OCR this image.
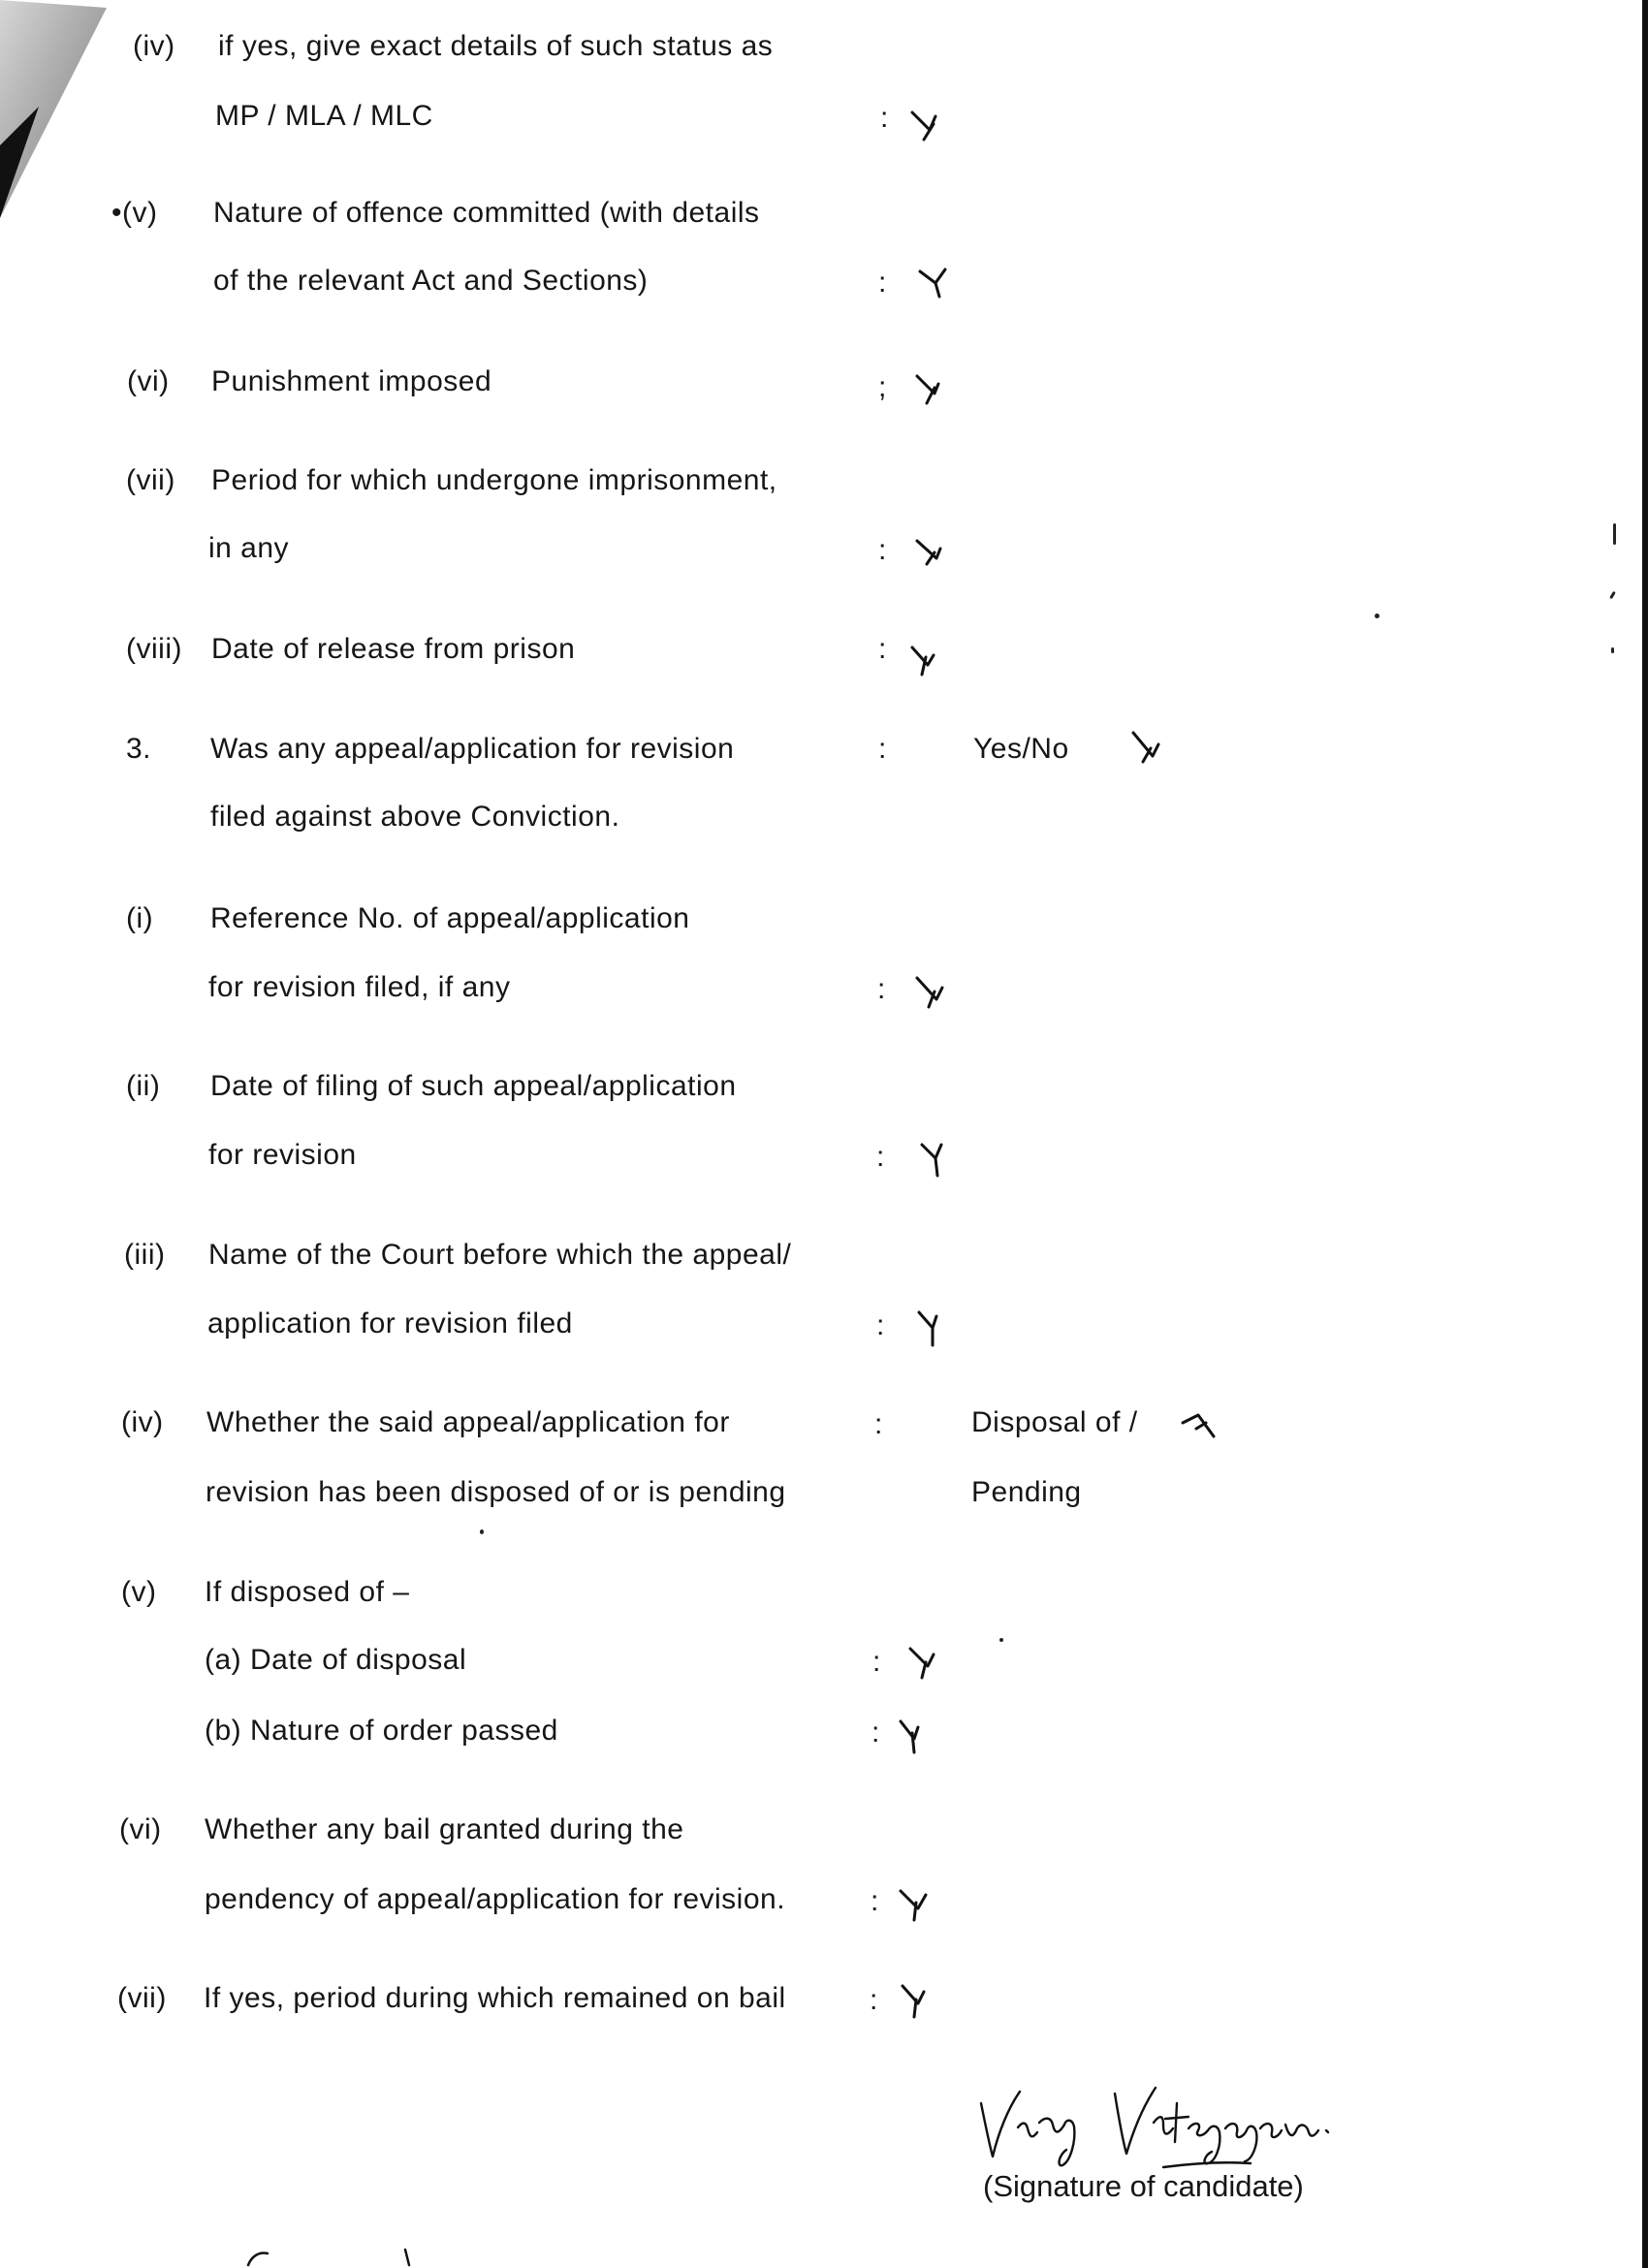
(iv) if yes, give exact details of such status as
MP / MLA / MLC	:
•(v) Nature of offence committed (with details
of the relevant Act and Sections)	:
(vi) Punishment imposed	;
(vii) Period for which undergone imprisonment,
in any	:
(viii) Date of release from prison	:
3. Was any appeal/application for revision
filed against above Conviction.
:	Yes/No
(i) Reference No. of appeal/application
for revision filed, if any	:
(ii) Date of filing of such appeal/application
for revision	:
(iii) Name of the Court before which the appeal/
application for revision filed	:
(iv) Whether the said appeal/application for
revision has been disposed of or is pending
:	Disposal of /
Pending
(v) If disposed of –
(a) Date of disposal	:
(b) Nature of order passed	:
(vi) Whether any bail granted during the
pendency of appeal/application for revision.	:
(vii) If yes, period during which remained on bail	:
(Signature of candidate)
